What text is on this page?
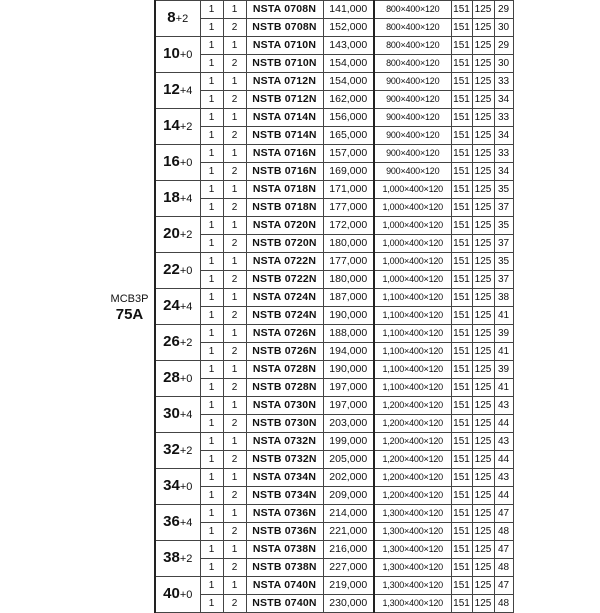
MCB3P
75A	8+2	1	1	NSTA 0708N	141,000	800×400×120	151	125	29
		1	2	NSTB 0708N	152,000	800×400×120	151	125	30
	10+0	1	1	NSTA 0710N	143,000	800×400×120	151	125	29
		1	2	NSTB 0710N	154,000	800×400×120	151	125	30
	12+4	1	1	NSTA 0712N	154,000	900×400×120	151	125	33
		1	2	NSTB 0712N	162,000	900×400×120	151	125	34
	14+2	1	1	NSTA 0714N	156,000	900×400×120	151	125	33
		1	2	NSTB 0714N	165,000	900×400×120	151	125	34
	16+0	1	1	NSTA 0716N	157,000	900×400×120	151	125	33
		1	2	NSTB 0716N	169,000	900×400×120	151	125	34
	18+4	1	1	NSTA 0718N	171,000	1,000×400×120	151	125	35
		1	2	NSTB 0718N	177,000	1,000×400×120	151	125	37
	20+2	1	1	NSTA 0720N	172,000	1,000×400×120	151	125	35
		1	2	NSTB 0720N	180,000	1,000×400×120	151	125	37
	22+0	1	1	NSTA 0722N	177,000	1,000×400×120	151	125	35
		1	2	NSTB 0722N	180,000	1,000×400×120	151	125	37
	24+4	1	1	NSTA 0724N	187,000	1,100×400×120	151	125	38
		1	2	NSTB 0724N	190,000	1,100×400×120	151	125	41
	26+2	1	1	NSTA 0726N	188,000	1,100×400×120	151	125	39
		1	2	NSTB 0726N	194,000	1,100×400×120	151	125	41
	28+0	1	1	NSTA 0728N	190,000	1,100×400×120	151	125	39
		1	2	NSTB 0728N	197,000	1,100×400×120	151	125	41
	30+4	1	1	NSTA 0730N	197,000	1,200×400×120	151	125	43
		1	2	NSTB 0730N	203,000	1,200×400×120	151	125	44
	32+2	1	1	NSTA 0732N	199,000	1,200×400×120	151	125	43
		1	2	NSTB 0732N	205,000	1,200×400×120	151	125	44
	34+0	1	1	NSTA 0734N	202,000	1,200×400×120	151	125	43
		1	2	NSTB 0734N	209,000	1,200×400×120	151	125	44
	36+4	1	1	NSTA 0736N	214,000	1,300×400×120	151	125	47
		1	2	NSTB 0736N	221,000	1,300×400×120	151	125	48
	38+2	1	1	NSTA 0738N	216,000	1,300×400×120	151	125	47
		1	2	NSTB 0738N	227,000	1,300×400×120	151	125	48
	40+0	1	1	NSTA 0740N	219,000	1,300×400×120	151	125	47
		1	2	NSTB 0740N	230,000	1,300×400×120	151	125	48
